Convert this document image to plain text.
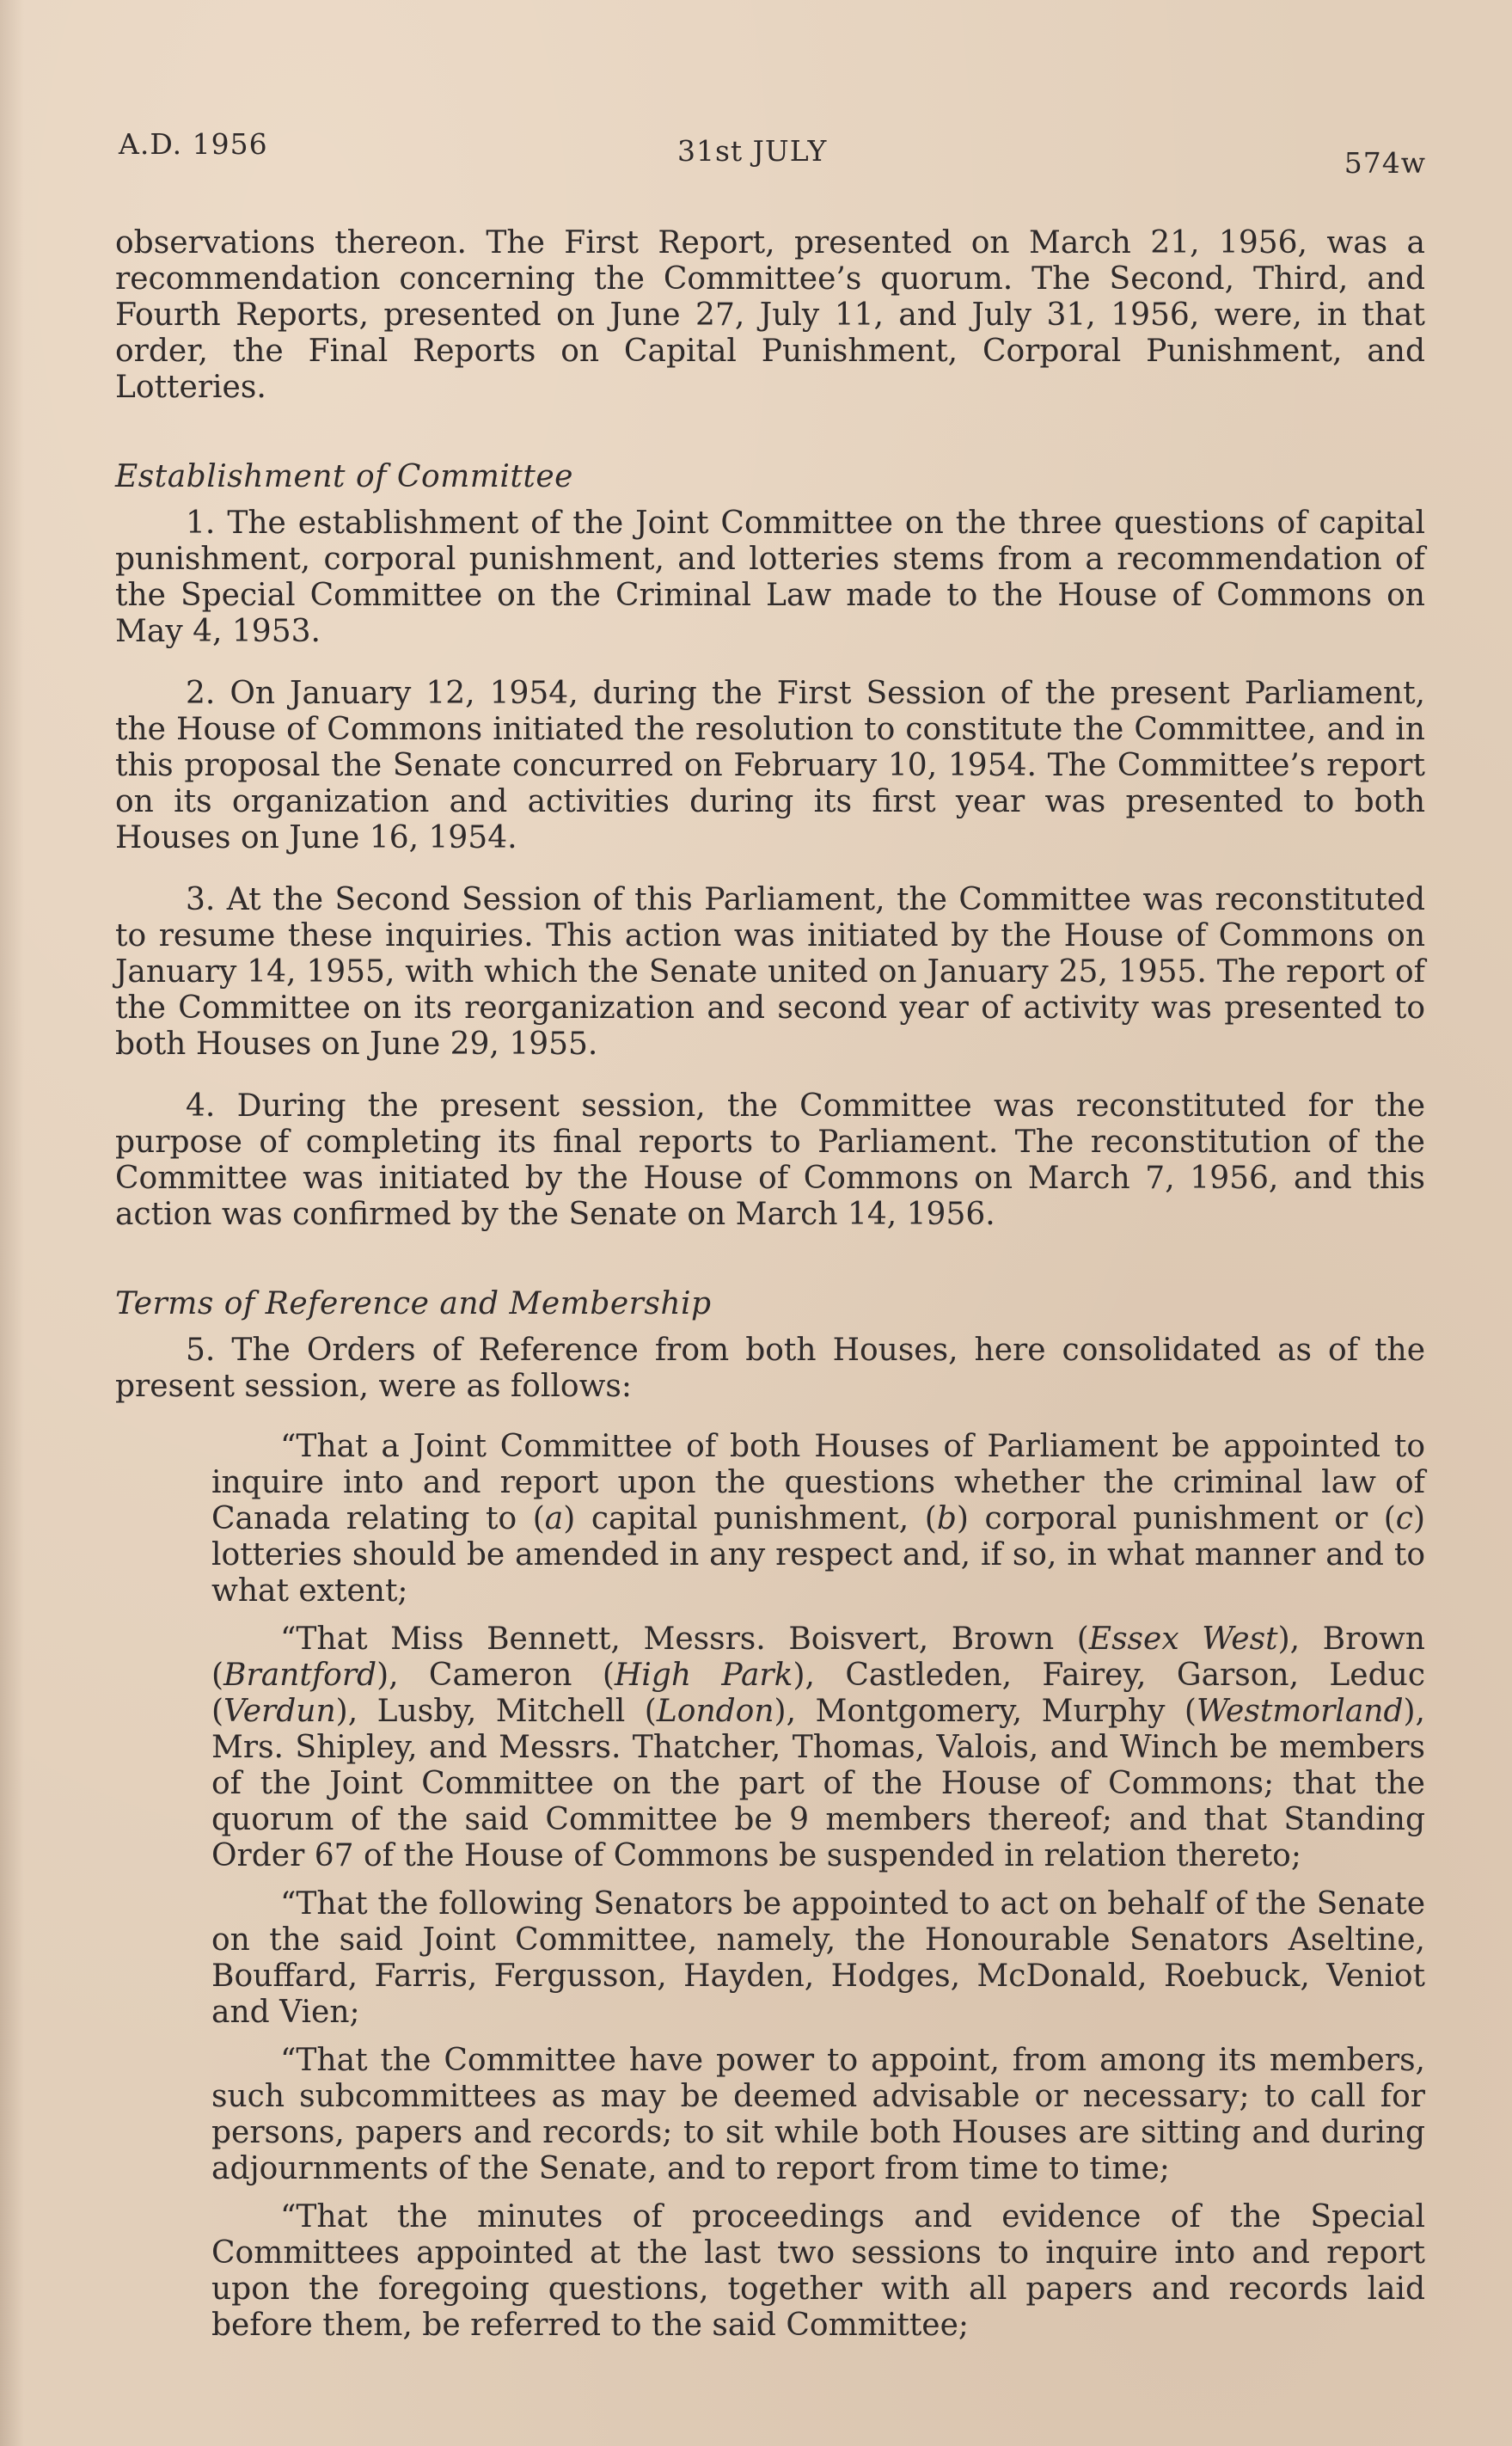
A.D. 1956	31st JULY	574w

observations thereon. The First Report, presented on March 21, 1956, was a recommendation concerning the Committee’s quorum. The Second, Third, and Fourth Reports, presented on June 27, July 11, and July 31, 1956, were, in that order, the Final Reports on Capital Punishment, Corporal Punishment, and Lotteries.

Establishment of Committee

1. The establishment of the Joint Committee on the three questions of capital punishment, corporal punishment, and lotteries stems from a recommendation of the Special Committee on the Criminal Law made to the House of Commons on May 4, 1953.

2. On January 12, 1954, during the First Session of the present Parliament, the House of Commons initiated the resolution to constitute the Committee, and in this proposal the Senate concurred on February 10, 1954. The Committee’s report on its organization and activities during its first year was presented to both Houses on June 16, 1954.

3. At the Second Session of this Parliament, the Committee was reconstituted to resume these inquiries. This action was initiated by the House of Commons on January 14, 1955, with which the Senate united on January 25, 1955. The report of the Committee on its reorganization and second year of activity was presented to both Houses on June 29, 1955.

4. During the present session, the Committee was reconstituted for the purpose of completing its final reports to Parliament. The reconstitution of the Committee was initiated by the House of Commons on March 7, 1956, and this action was confirmed by the Senate on March 14, 1956.

Terms of Reference and Membership

5. The Orders of Reference from both Houses, here consolidated as of the present session, were as follows:

“That a Joint Committee of both Houses of Parliament be appointed to inquire into and report upon the questions whether the criminal law of Canada relating to (a) capital punishment, (b) corporal punishment or (c) lotteries should be amended in any respect and, if so, in what manner and to what extent;

“That Miss Bennett, Messrs. Boisvert, Brown (Essex West), Brown (Brantford), Cameron (High Park), Castleden, Fairey, Garson, Leduc (Verdun), Lusby, Mitchell (London), Montgomery, Murphy (Westmorland), Mrs. Shipley, and Messrs. Thatcher, Thomas, Valois, and Winch be members of the Joint Committee on the part of the House of Commons; that the quorum of the said Committee be 9 members thereof; and that Standing Order 67 of the House of Commons be suspended in relation thereto;

“That the following Senators be appointed to act on behalf of the Senate on the said Joint Committee, namely, the Honourable Senators Aseltine, Bouffard, Farris, Fergusson, Hayden, Hodges, McDonald, Roebuck, Veniot and Vien;

“That the Committee have power to appoint, from among its members, such subcommittees as may be deemed advisable or necessary; to call for persons, papers and records; to sit while both Houses are sitting and during adjournments of the Senate, and to report from time to time;

“That the minutes of proceedings and evidence of the Special Committees appointed at the last two sessions to inquire into and report upon the foregoing questions, together with all papers and records laid before them, be referred to the said Committee;
